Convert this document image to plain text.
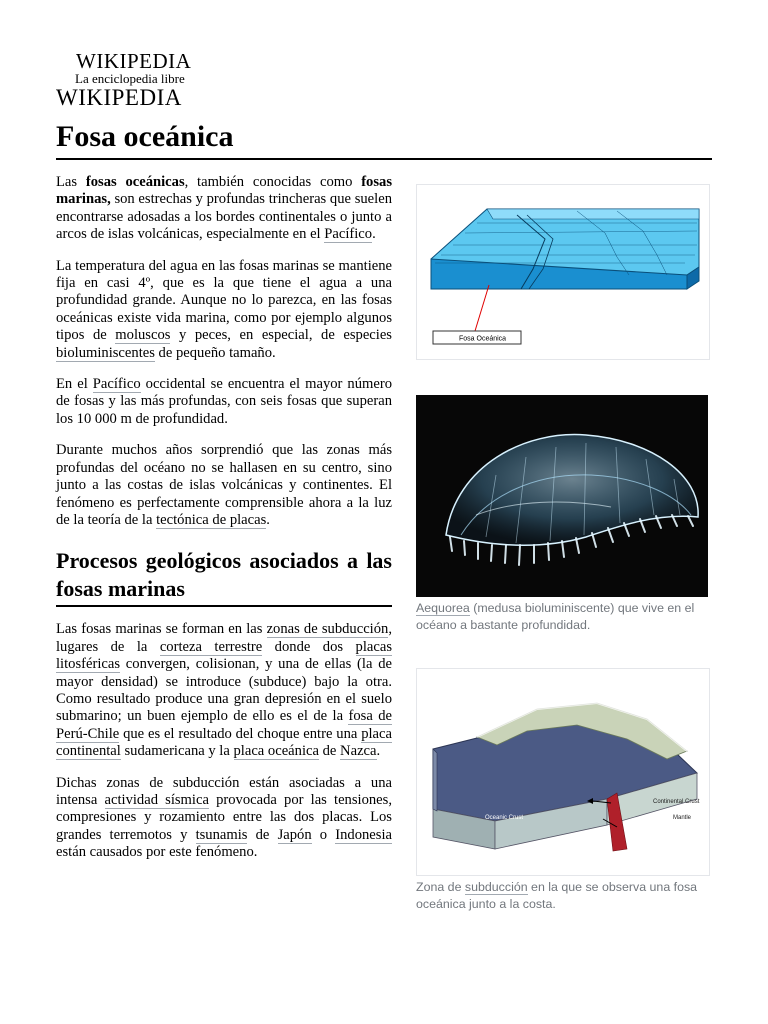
WIKIPEDIA
La enciclopedia libre
WIKIPEDIA
Fosa oceánica

Las fosas oceánicas, también conocidas como fosas marinas, son estrechas y profundas trincheras que suelen encontrarse adosadas a los bordes continentales o junto a arcos de islas volcánicas, especialmente en el Pacífico.

La temperatura del agua en las fosas marinas se mantiene fija en casi 4º, que es la que tiene el agua a una profundidad grande. Aunque no lo parezca, en las fosas oceánicas existe vida marina, como por ejemplo algunos tipos de moluscos y peces, en especial, de especies bioluminiscentes de pequeño tamaño.

En el Pacífico occidental se encuentra el mayor número de fosas y las más profundas, con seis fosas que superan los 10 000 m de profundidad.

Durante muchos años sorprendió que las zonas más profundas del océano no se hallasen en su centro, sino junto a las costas de islas volcánicas y continentes. El fenómeno es perfectamente comprensible ahora a la luz de la teoría de la tectónica de placas.

Procesos geológicos asociados a las fosas marinas

Las fosas marinas se forman en las zonas de subducción, lugares de la corteza terrestre donde dos placas litosféricas convergen, colisionan, y una de ellas (la de mayor densidad) se introduce (subduce) bajo la otra. Como resultado produce una gran depresión en el suelo submarino; un buen ejemplo de ello es el de la fosa de Perú-Chile que es el resultado del choque entre una placa continental sudamericana y la placa oceánica de Nazca.

Dichas zonas de subducción están asociadas a una intensa actividad sísmica provocada por las tensiones, compresiones y rozamiento entre las dos placas. Los grandes terremotos y tsunamis de Japón o Indonesia están causados por este fenómeno.

Fosa Oceánica
Aequorea (medusa bioluminiscente) que vive en el océano a bastante profundidad.
Oceanic Crust
Continental Crust
Mantle
Zona de subducción en la que se observa una fosa oceánica junto a la costa.
